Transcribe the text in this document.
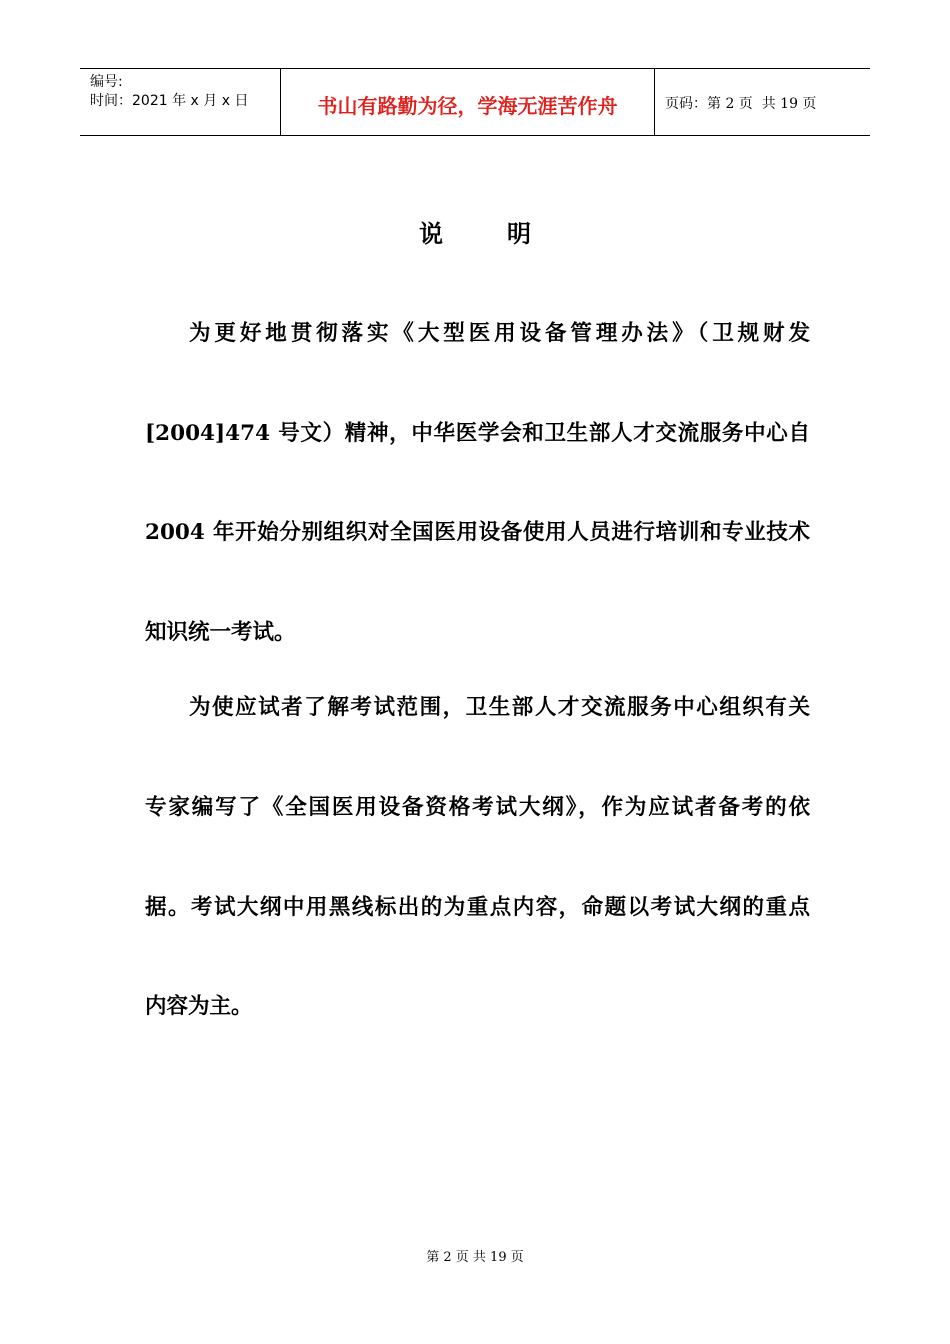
编号:
时间：2021 年 x 月 x 日	书山有路勤为径，学海无涯苦作舟	页码：第 2 页  共 19 页
说	明
为更好地贯彻落实《大型医用设备管理办法》（卫规财发
[2004]474 号文）精神，中华医学会和卫生部人才交流服务中心自
2004 年开始分别组织对全国医用设备使用人员进行培训和专业技术
知识统一考试。
为使应试者了解考试范围，卫生部人才交流服务中心组织有关
专家编写了《全国医用设备资格考试大纲》，作为应试者备考的依
据。考试大纲中用黑线标出的为重点内容，命题以考试大纲的重点
内容为主。
第 2 页 共 19 页
